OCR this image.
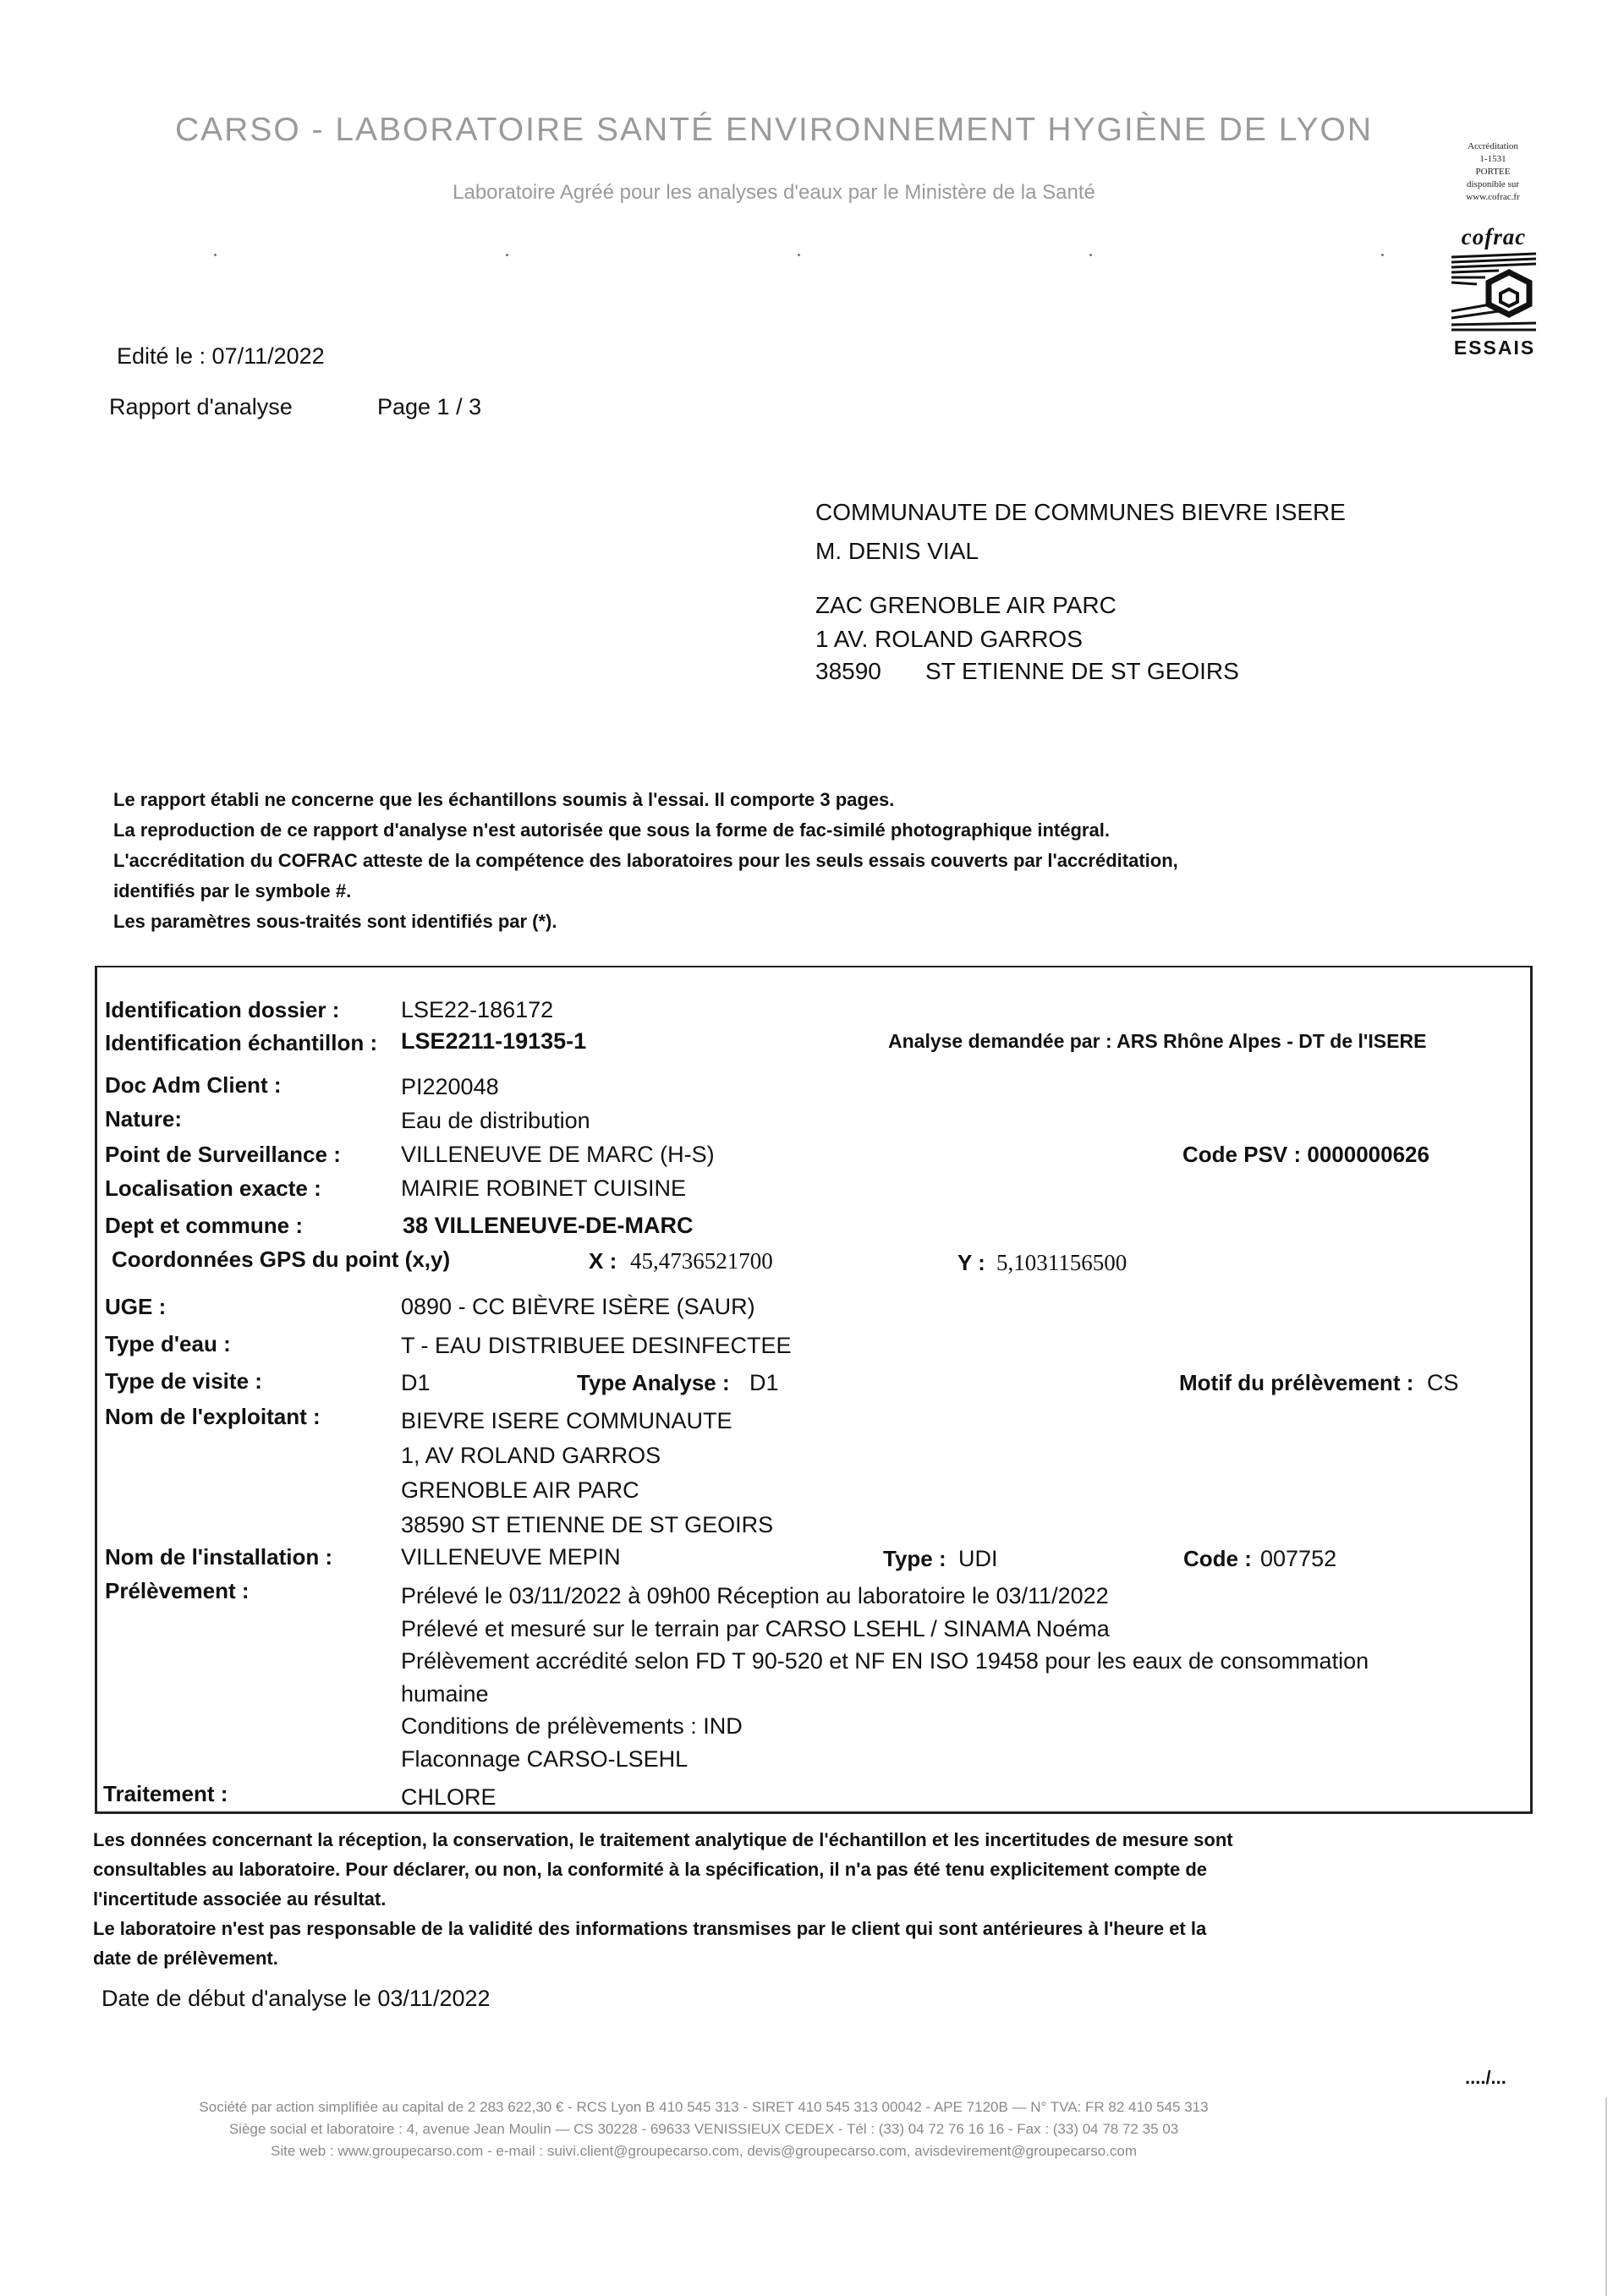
CARSO - LABORATOIRE SANTÉ ENVIRONNEMENT HYGIÈNE DE LYON
Laboratoire Agréé pour les analyses d'eaux par le Ministère de la Santé
Accréditation
1-1531
PORTEE
disponible sur
www.cofrac.fr
cofrac
ESSAIS
Edité le : 07/11/2022
Rapport d'analyse	Page 1 / 3
COMMUNAUTE DE COMMUNES BIEVRE ISERE
M. DENIS VIAL
ZAC GRENOBLE AIR PARC
1 AV. ROLAND GARROS
38590 ST ETIENNE DE ST GEOIRS
Le rapport établi ne concerne que les échantillons soumis à l'essai. Il comporte 3 pages.
La reproduction de ce rapport d'analyse n'est autorisée que sous la forme de fac-similé photographique intégral.
L'accréditation du COFRAC atteste de la compétence des laboratoires pour les seuls essais couverts par l'accréditation,
identifiés par le symbole #.
Les paramètres sous-traités sont identifiés par (*).
Identification dossier :	LSE22-186172
Identification échantillon : LSE2211-19135-1	Analyse demandée par : ARS Rhône Alpes - DT de l'ISERE
Doc Adm Client :	PI220048
Nature:	Eau de distribution
Point de Surveillance :	VILLENEUVE DE MARC (H-S)	Code PSV : 0000000626
Localisation exacte :	MAIRIE ROBINET CUISINE
Dept et commune :	38 VILLENEUVE-DE-MARC
Coordonnées GPS du point (x,y)	X : 45,4736521700	Y : 5,1031156500
UGE :	0890 - CC BIÈVRE ISÈRE (SAUR)
Type d'eau :	T - EAU DISTRIBUEE DESINFECTEE
Type de visite :	D1	Type Analyse : D1	Motif du prélèvement : CS
Nom de l'exploitant :	BIEVRE ISERE COMMUNAUTE
1, AV ROLAND GARROS
GRENOBLE AIR PARC
38590 ST ETIENNE DE ST GEOIRS
Nom de l'installation :	VILLENEUVE MEPIN	Type : UDI	Code : 007752
Prélèvement :	Prélevé le 03/11/2022 à 09h00 Réception au laboratoire le 03/11/2022
Prélevé et mesuré sur le terrain par CARSO LSEHL / SINAMA Noéma
Prélèvement accrédité selon FD T 90-520 et NF EN ISO 19458 pour les eaux de consommation
humaine
Conditions de prélèvements : IND
Flaconnage CARSO-LSEHL
Traitement :	CHLORE
Les données concernant la réception, la conservation, le traitement analytique de l'échantillon et les incertitudes de mesure sont
consultables au laboratoire. Pour déclarer, ou non, la conformité à la spécification, il n'a pas été tenu explicitement compte de
l'incertitude associée au résultat.
Le laboratoire n'est pas responsable de la validité des informations transmises par le client qui sont antérieures à l'heure et la
date de prélèvement.
Date de début d'analyse le 03/11/2022
..../...
Société par action simplifiée au capital de 2 283 622,30 € - RCS Lyon B 410 545 313 - SIRET 410 545 313 00042 - APE 7120B — N° TVA: FR 82 410 545 313
Siège social et laboratoire : 4, avenue Jean Moulin — CS 30228 - 69633 VENISSIEUX CEDEX - Tél : (33) 04 72 76 16 16 - Fax : (33) 04 78 72 35 03
Site web : www.groupecarso.com - e-mail : suivi.client@groupecarso.com, devis@groupecarso.com, avisdevirement@groupecarso.com
